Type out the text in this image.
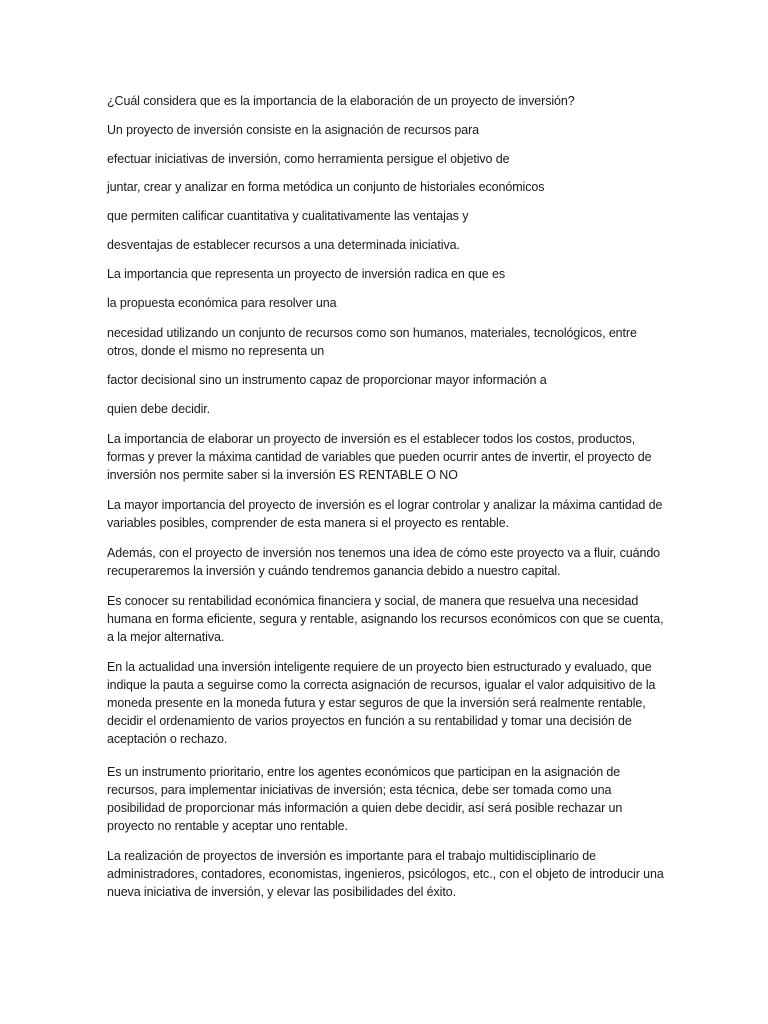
¿Cuál considera que es la importancia de la elaboración de un proyecto de inversión?
Un proyecto de inversión consiste en la asignación de recursos para
efectuar iniciativas de inversión, como herramienta persigue el objetivo de
juntar, crear y analizar en forma metódica un conjunto de historiales económicos
que permiten calificar cuantitativa y cualitativamente las ventajas y
desventajas de establecer recursos a una determinada iniciativa.
La importancia que representa un proyecto de inversión radica en que es
la propuesta económica para resolver una
necesidad utilizando un conjunto de recursos como son humanos, materiales, tecnológicos, entre otros, donde el mismo no representa un
factor decisional sino un instrumento capaz de proporcionar mayor información a
quien debe decidir.
La importancia de elaborar un proyecto de inversión es el establecer todos los costos, productos, formas y prever la máxima cantidad de variables que pueden ocurrir antes de invertir, el proyecto de inversión nos permite saber si la inversión ES RENTABLE O NO
La mayor importancia del proyecto de inversión es el lograr controlar y analizar la máxima cantidad de variables posibles, comprender de esta manera si el proyecto es rentable.
Además, con el proyecto de inversión nos tenemos una idea de cómo este proyecto va a fluir, cuándo recuperaremos la inversión y cuándo tendremos ganancia debido a nuestro capital.
Es conocer su rentabilidad económica financiera y social, de manera que resuelva una necesidad humana en forma eficiente, segura y rentable, asignando los recursos económicos con que se cuenta, a la mejor alternativa.
En la actualidad una inversión inteligente requiere de un proyecto bien estructurado y evaluado, que indique la pauta a seguirse como la correcta asignación de recursos, igualar el valor adquisitivo de la moneda presente en la moneda futura y estar seguros de que la inversión será realmente rentable, decidir el ordenamiento de varios proyectos en función a su rentabilidad y tomar una decisión de aceptación o rechazo.
Es un instrumento prioritario, entre los agentes económicos que participan en la asignación de recursos, para implementar iniciativas de inversión; esta técnica, debe ser tomada como una posibilidad de proporcionar más información a quien debe decidir, así será posible rechazar un proyecto no rentable y aceptar uno rentable.
La realización de proyectos de inversión es importante para el trabajo multidisciplinario de administradores, contadores, economistas, ingenieros, psicólogos, etc., con el objeto de introducir una nueva iniciativa de inversión, y elevar las posibilidades del éxito.
